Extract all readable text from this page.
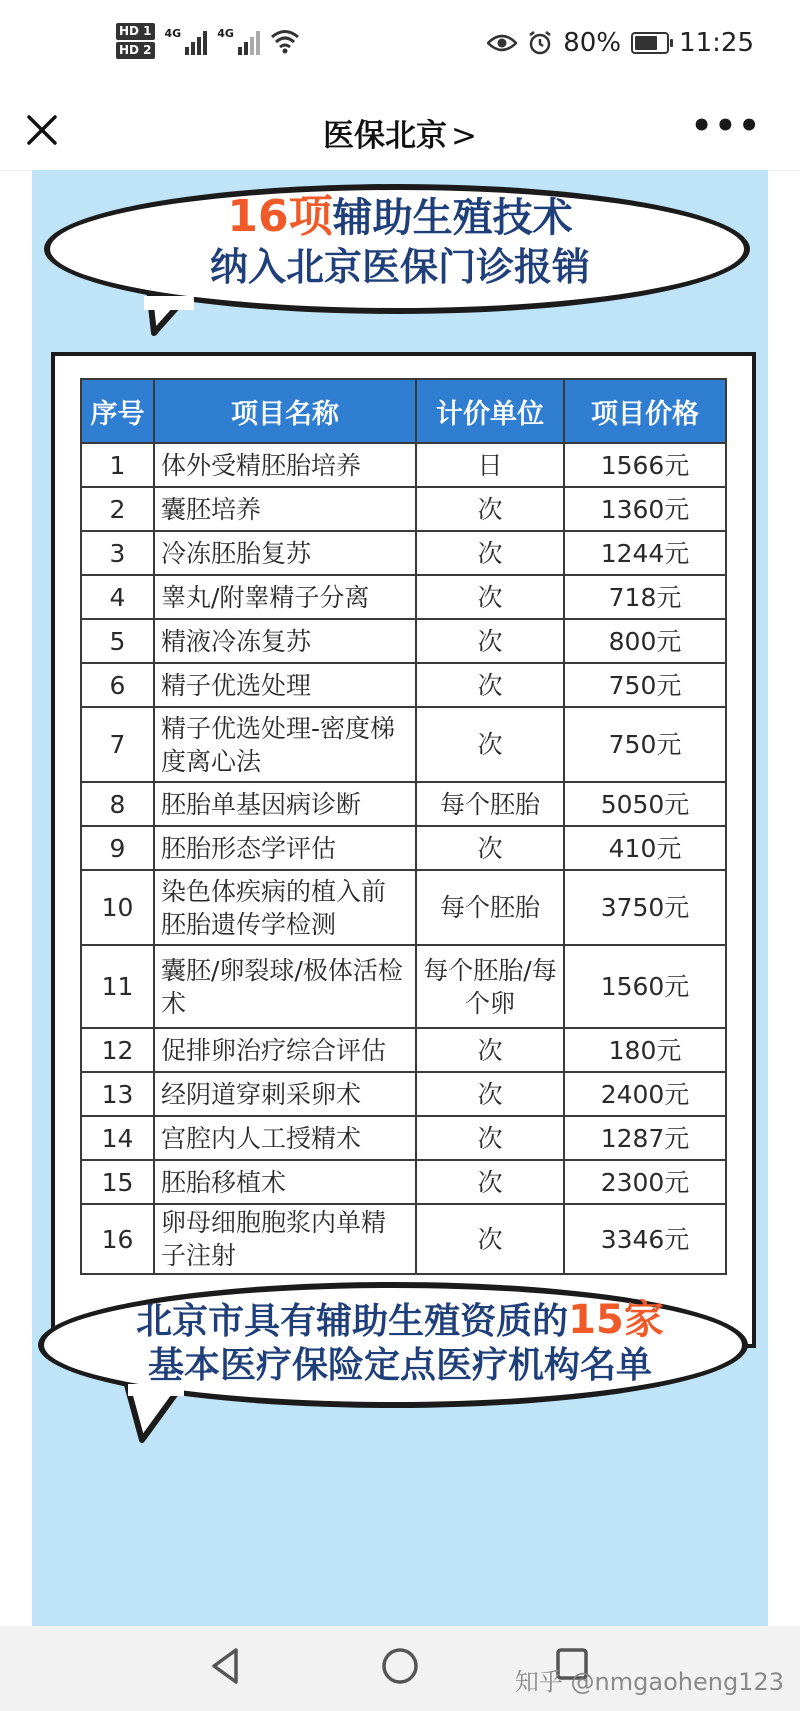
HD 1
HD 2
4G	4G	80% 11:25
医保北京 >	•••
16项辅助生殖技术
纳入北京医保门诊报销
序号	项目名称	计价单位	项目价格
1	体外受精胚胎培养	日	1566元
2	囊胚培养	次	1360元
3	冷冻胚胎复苏	次	1244元
4	睾丸/附睾精子分离	次	718元
5	精液冷冻复苏	次	800元
6	精子优选处理	次	750元
7	精子优选处理-密度梯度离心法	次	750元
8	胚胎单基因病诊断	每个胚胎	5050元
9	胚胎形态学评估	次	410元
10	染色体疾病的植入前胚胎遗传学检测	每个胚胎	3750元
11	囊胚/卵裂球/极体活检术	每个胚胎/每个卵	1560元
12	促排卵治疗综合评估	次	180元
13	经阴道穿刺采卵术	次	2400元
14	宫腔内人工授精术	次	1287元
15	胚胎移植术	次	2300元
16	卵母细胞胞浆内单精子注射	次	3346元
北京市具有辅助生殖资质的15家
基本医疗保险定点医疗机构名单
知乎 @nmgaoheng123
